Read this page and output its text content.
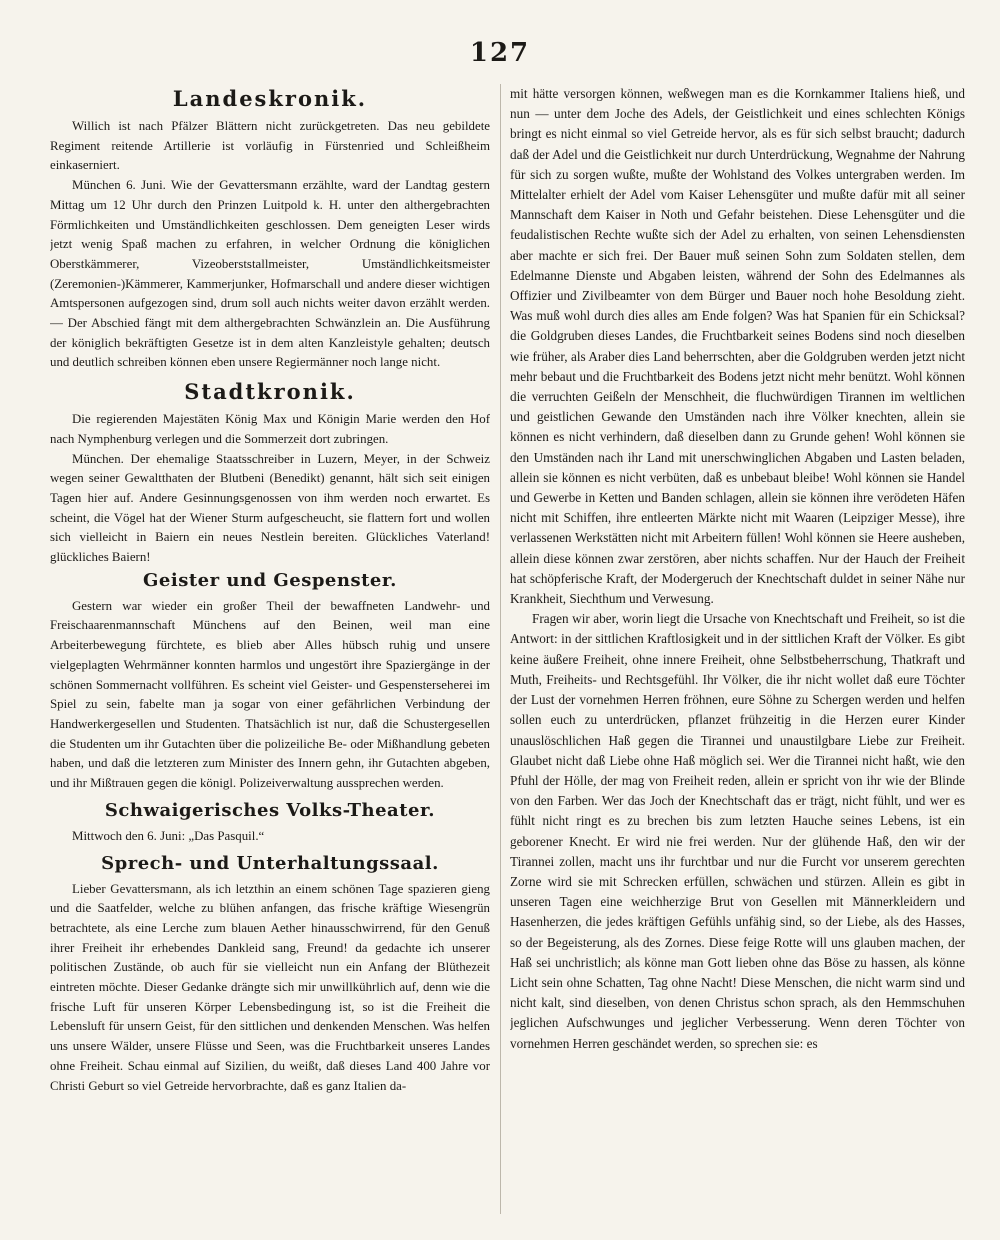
127
Landeskronik.

Willich ist nach Pfälzer Blättern nicht zurückgetreten. Das neu gebildete Regiment reitende Artillerie ist vorläufig in Fürstenried und Schleißheim einkaserniert.

München 6. Juni. Wie der Gevattersmann erzählte, ward der Landtag gestern Mittag um 12 Uhr durch den Prinzen Luitpold k. H. unter den althergebrachten Förmlichkeiten und Umständlichkeiten geschlossen. Dem geneigten Leser wirds jetzt wenig Spaß machen zu erfahren, in welcher Ordnung die königlichen Oberstkämmerer, Vizeoberststallmeister, Umständlichkeitsmeister (Zeremonien-)Kämmerer, Kammerjunker, Hofmarschall und andere dieser wichtigen Amtspersonen aufgezogen sind, drum soll auch nichts weiter davon erzählt werden. — Der Abschied fängt mit dem althergebrachten Schwänzlein an. Die Ausführung der königlich bekräftigten Gesetze ist in dem alten Kanzleistyle gehalten; deutsch und deutlich schreiben können eben unsere Regiermänner noch lange nicht.

Stadtkronik.

Die regierenden Majestäten König Max und Königin Marie werden den Hof nach Nymphenburg verlegen und die Sommerzeit dort zubringen.

München. Der ehemalige Staatsschreiber in Luzern, Meyer, in der Schweiz wegen seiner Gewaltthaten der Blutbeni (Benedikt) genannt, hält sich seit einigen Tagen hier auf. Andere Gesinnungsgenossen von ihm werden noch erwartet. Es scheint, die Vögel hat der Wiener Sturm aufgescheucht, sie flattern fort und wollen sich vielleicht in Baiern ein neues Nestlein bereiten. Glückliches Vaterland! glückliches Baiern!

Geister und Gespenster.

Gestern war wieder ein großer Theil der bewaffneten Landwehr- und Freischaarenmannschaft Münchens auf den Beinen, weil man eine Arbeiterbewegung fürchtete, es blieb aber Alles hübsch ruhig und unsere vielgeplagten Wehrmänner konnten harmlos und ungestört ihre Spaziergänge in der schönen Sommernacht vollführen. Es scheint viel Geister- und Gespensterseherei im Spiel zu sein, fabelte man ja sogar von einer gefährlichen Verbindung der Handwerkergesellen und Studenten. Thatsächlich ist nur, daß die Schustergesellen die Studenten um ihr Gutachten über die polizeiliche Be- oder Mißhandlung gebeten haben, und daß die letzteren zum Minister des Innern gehn, ihr Gutachten abgeben, und ihr Mißtrauen gegen die königl. Polizeiverwaltung aussprechen werden.

Schwaigerisches Volks-Theater.

Mittwoch den 6. Juni: „Das Pasquil.“

Sprech- und Unterhaltungssaal.

Lieber Gevattersmann, als ich letzthin an einem schönen Tage spazieren gieng und die Saatfelder, welche zu blühen anfangen, das frische kräftige Wiesengrün betrachtete, als eine Lerche zum blauen Aether hinausschwirrend, für den Genuß ihrer Freiheit ihr erhebendes Dankleid sang, Freund! da gedachte ich unserer politischen Zustände, ob auch für sie vielleicht nun ein Anfang der Blüthezeit eintreten möchte. Dieser Gedanke drängte sich mir unwillkührlich auf, denn wie die frische Luft für unseren Körper Lebensbedingung ist, so ist die Freiheit die Lebensluft für unsern Geist, für den sittlichen und denkenden Menschen. Was helfen uns unsere Wälder, unsere Flüsse und Seen, was die Fruchtbarkeit unseres Landes ohne Freiheit. Schau einmal auf Sizilien, du weißt, daß dieses Land 400 Jahre vor Christi Geburt so viel Getreide hervorbrachte, daß es ganz Italien da-

mit hätte versorgen können, weßwegen man es die Kornkammer Italiens hieß, und nun — unter dem Joche des Adels, der Geistlichkeit und eines schlechten Königs bringt es nicht einmal so viel Getreide hervor, als es für sich selbst braucht; dadurch daß der Adel und die Geistlichkeit nur durch Unterdrückung, Wegnahme der Nahrung für sich zu sorgen wußte, mußte der Wohlstand des Volkes untergraben werden. Im Mittelalter erhielt der Adel vom Kaiser Lehensgüter und mußte dafür mit all seiner Mannschaft dem Kaiser in Noth und Gefahr beistehen. Diese Lehensgüter und die feudalistischen Rechte wußte sich der Adel zu erhalten, von seinen Lehensdiensten aber machte er sich frei. Der Bauer muß seinen Sohn zum Soldaten stellen, dem Edelmanne Dienste und Abgaben leisten, während der Sohn des Edelmannes als Offizier und Zivilbeamter von dem Bürger und Bauer noch hohe Besoldung zieht. Was muß wohl durch dies alles am Ende folgen? Was hat Spanien für ein Schicksal? die Goldgruben dieses Landes, die Fruchtbarkeit seines Bodens sind noch dieselben wie früher, als Araber dies Land beherrschten, aber die Goldgruben werden jetzt nicht mehr bebaut und die Fruchtbarkeit des Bodens jetzt nicht mehr benützt. Wohl können die verruchten Geißeln der Menschheit, die fluchwürdigen Tirannen im weltlichen und geistlichen Gewande den Umständen nach ihre Völker knechten, allein sie können es nicht verhindern, daß dieselben dann zu Grunde gehen! Wohl können sie den Umständen nach ihr Land mit unerschwinglichen Abgaben und Lasten beladen, allein sie können es nicht verbüten, daß es unbebaut bleibe! Wohl können sie Handel und Gewerbe in Ketten und Banden schlagen, allein sie können ihre verödeten Häfen nicht mit Schiffen, ihre entleerten Märkte nicht mit Waaren (Leipziger Messe), ihre verlassenen Werkstätten nicht mit Arbeitern füllen! Wohl können sie Heere ausheben, allein diese können zwar zerstören, aber nichts schaffen. Nur der Hauch der Freiheit hat schöpferische Kraft, der Modergeruch der Knechtschaft duldet in seiner Nähe nur Krankheit, Siechthum und Verwesung.

Fragen wir aber, worin liegt die Ursache von Knechtschaft und Freiheit, so ist die Antwort: in der sittlichen Kraftlosigkeit und in der sittlichen Kraft der Völker. Es gibt keine äußere Freiheit, ohne innere Freiheit, ohne Selbstbeherrschung, Thatkraft und Muth, Freiheits- und Rechtsgefühl. Ihr Völker, die ihr nicht wollet daß eure Töchter der Lust der vornehmen Herren fröhnen, eure Söhne zu Schergen werden und helfen sollen euch zu unterdrücken, pflanzet frühzeitig in die Herzen eurer Kinder unauslöschlichen Haß gegen die Tirannei und unaustilgbare Liebe zur Freiheit. Glaubet nicht daß Liebe ohne Haß möglich sei. Wer die Tirannei nicht haßt, wie den Pfuhl der Hölle, der mag von Freiheit reden, allein er spricht von ihr wie der Blinde von den Farben. Wer das Joch der Knechtschaft das er trägt, nicht fühlt, und wer es fühlt nicht ringt es zu brechen bis zum letzten Hauche seines Lebens, ist ein geborener Knecht. Er wird nie frei werden. Nur der glühende Haß, den wir der Tirannei zollen, macht uns ihr furchtbar und nur die Furcht vor unserem gerechten Zorne wird sie mit Schrecken erfüllen, schwächen und stürzen. Allein es gibt in unseren Tagen eine weichherzige Brut von Gesellen mit Männerkleidern und Hasenherzen, die jedes kräftigen Gefühls unfähig sind, so der Liebe, als des Hasses, so der Begeisterung, als des Zornes. Diese feige Rotte will uns glauben machen, der Haß sei unchristlich; als könne man Gott lieben ohne das Böse zu hassen, als könne Licht sein ohne Schatten, Tag ohne Nacht! Diese Menschen, die nicht warm sind und nicht kalt, sind dieselben, von denen Christus schon sprach, als den Hemmschuhen jeglichen Aufschwunges und jeglicher Verbesserung. Wenn deren Töchter von vornehmen Herren geschändet werden, so sprechen sie: es
